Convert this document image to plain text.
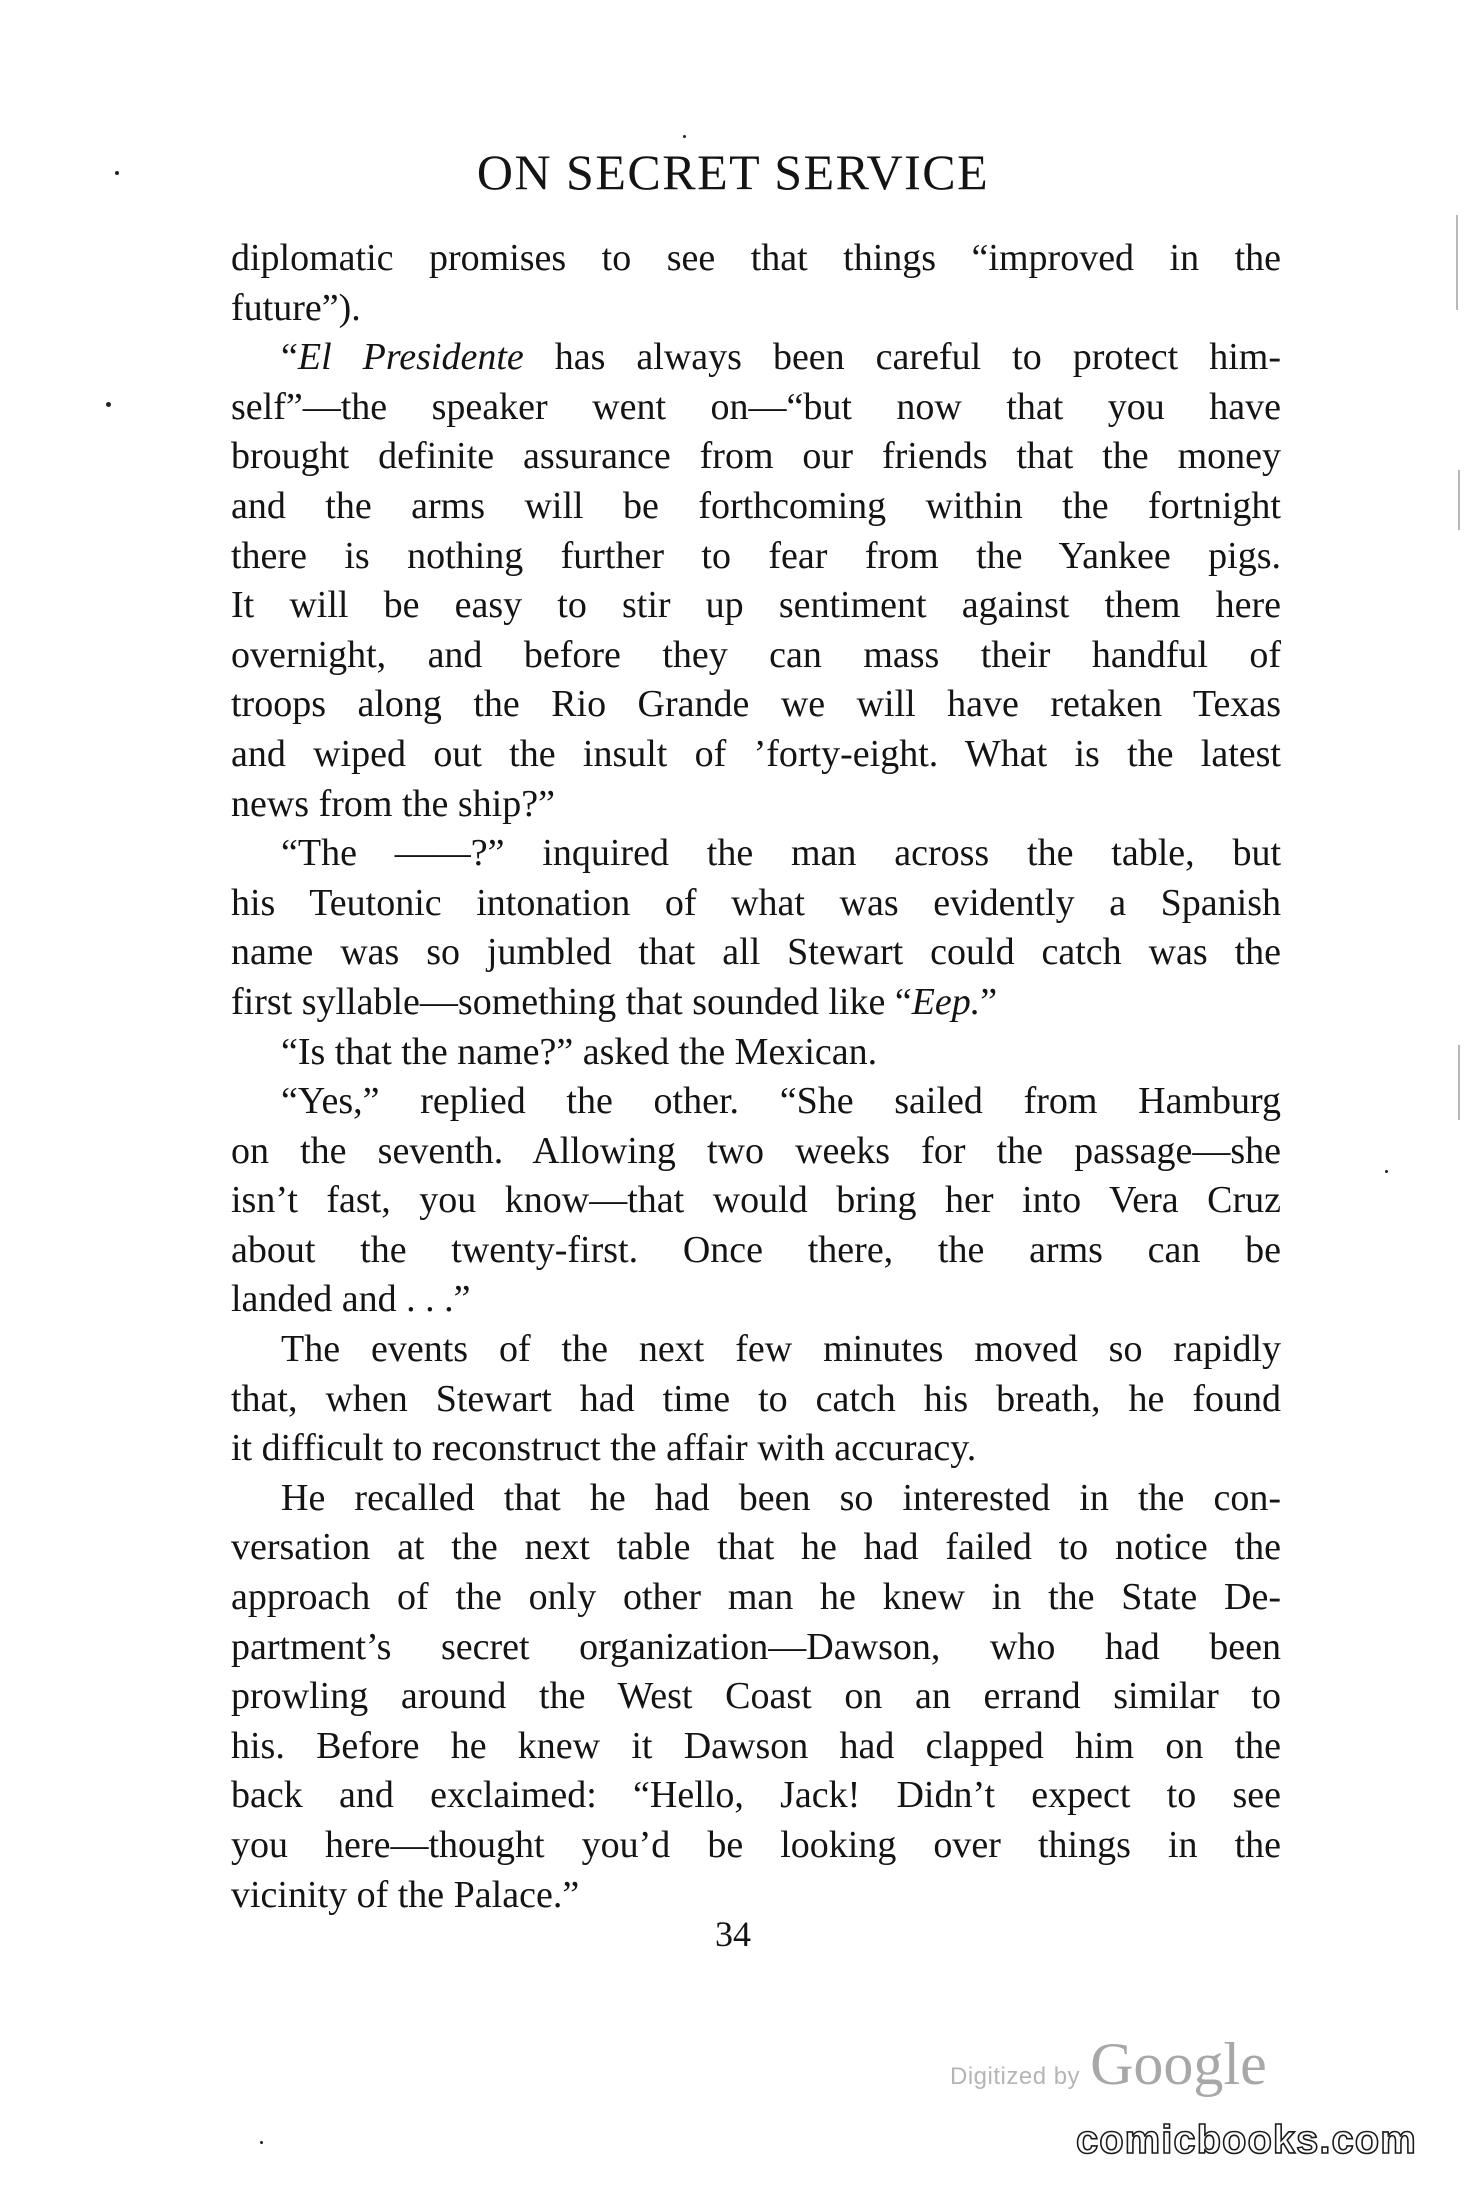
ON SECRET SERVICE

diplomatic promises to see that things “improved in the
future”).

“El Presidente has always been careful to protect him-
self”—the speaker went on—“but now that you have
brought definite assurance from our friends that the money
and the arms will be forthcoming within the fortnight
there is nothing further to fear from the Yankee pigs.
It will be easy to stir up sentiment against them here
overnight, and before they can mass their handful of
troops along the Rio Grande we will have retaken Texas
and wiped out the insult of ’forty-eight. What is the latest
news from the ship?”

“The ——?” inquired the man across the table, but
his Teutonic intonation of what was evidently a Spanish
name was so jumbled that all Stewart could catch was the
first syllable—something that sounded like “Eep.”

“Is that the name?” asked the Mexican.

“Yes,” replied the other. “She sailed from Hamburg
on the seventh. Allowing two weeks for the passage—she
isn’t fast, you know—that would bring her into Vera Cruz
about the twenty-first. Once there, the arms can be
landed and . . .”

The events of the next few minutes moved so rapidly
that, when Stewart had time to catch his breath, he found
it difficult to reconstruct the affair with accuracy.

He recalled that he had been so interested in the con-
versation at the next table that he had failed to notice the
approach of the only other man he knew in the State De-
partment’s secret organization—Dawson, who had been
prowling around the West Coast on an errand similar to
his. Before he knew it Dawson had clapped him on the
back and exclaimed: “Hello, Jack! Didn’t expect to see
you here—thought you’d be looking over things in the
vicinity of the Palace.”

34
Digitized by Google
comicbooks.com
